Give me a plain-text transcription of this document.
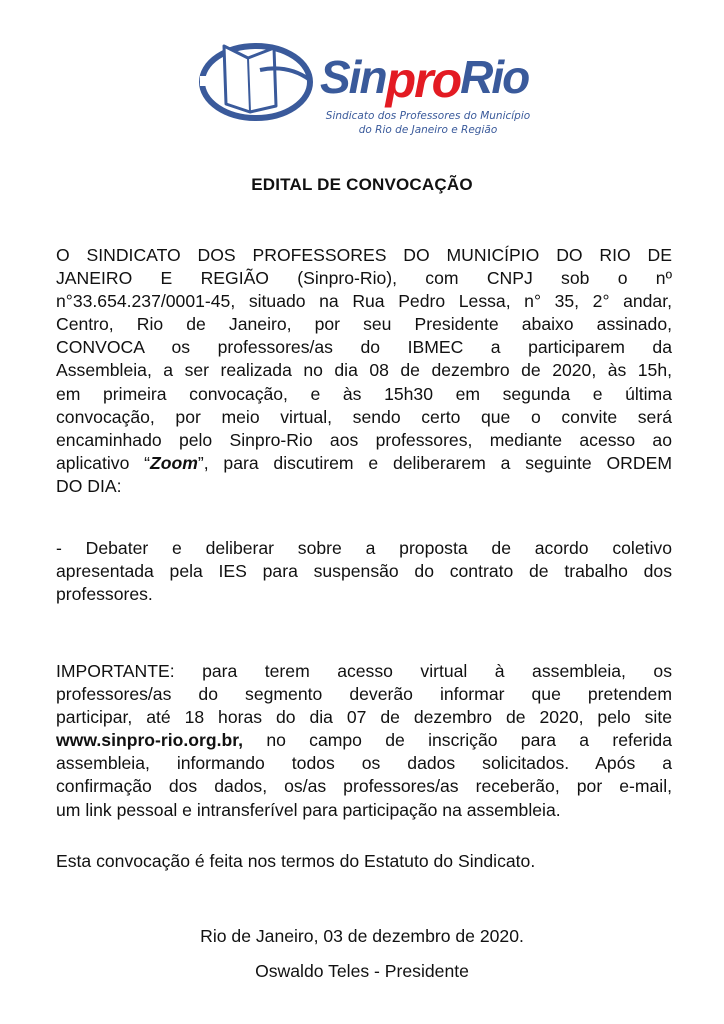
SinproRio
Sindicato dos Professores do Município
do Rio de Janeiro e Região
EDITAL DE CONVOCAÇÃO
O SINDICATO DOS PROFESSORES DO MUNICÍPIO DO RIO DE
JANEIRO E REGIÃO (Sinpro-Rio), com CNPJ sob o nº
n°33.654.237/0001-45, situado na Rua Pedro Lessa, n° 35, 2° andar,
Centro, Rio de Janeiro, por seu Presidente abaixo assinado,
CONVOCA os professores/as do IBMEC a participarem da
Assembleia, a ser realizada no dia 08 de dezembro de 2020, às 15h,
em primeira convocação, e às 15h30 em segunda e última
convocação, por meio virtual, sendo certo que o convite será
encaminhado pelo Sinpro-Rio aos professores, mediante acesso ao
aplicativo “Zoom”, para discutirem e deliberarem a seguinte ORDEM
DO DIA:
- Debater e deliberar sobre a proposta de acordo coletivo
apresentada pela IES para suspensão do contrato de trabalho dos
professores.
IMPORTANTE: para terem acesso virtual à assembleia, os
professores/as do segmento deverão informar que pretendem
participar, até 18 horas do dia 07 de dezembro de 2020, pelo site
www.sinpro-rio.org.br, no campo de inscrição para a referida
assembleia, informando todos os dados solicitados. Após a
confirmação dos dados, os/as professores/as receberão, por e-mail,
um link pessoal e intransferível para participação na assembleia.
Esta convocação é feita nos termos do Estatuto do Sindicato.
Rio de Janeiro, 03 de dezembro de 2020.
Oswaldo Teles - Presidente
